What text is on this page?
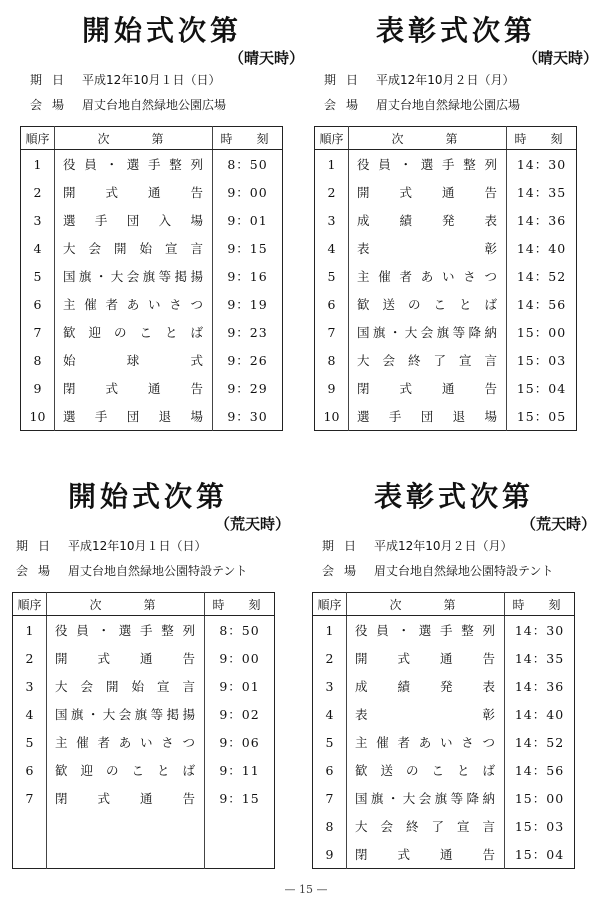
開始式次第
（晴天時）
期日 平成12年10月１日（日）
会場 眉丈台地自然緑地公園広場
順序	次　　第	時　刻
1	役員・選手整列	8：50
2	開式通告	9：00
3	選手団入場	9：01
4	大会開始宣言	9：15
5	国旗・大会旗等掲揚	9：16
6	主催者あいさつ	9：19
7	歓迎のことば	9：23
8	始球式	9：26
9	閉式通告	9：29
10	選手団退場	9：30
表彰式次第
（晴天時）
期日 平成12年10月２日（月）
会場 眉丈台地自然緑地公園広場
順序	次　　第	時　刻
1	役員・選手整列	14：30
2	開式通告	14：35
3	成績発表	14：36
4	表彰	14：40
5	主催者あいさつ	14：52
6	歓送のことば	14：56
7	国旗・大会旗等降納	15：00
8	大会終了宣言	15：03
9	閉式通告	15：04
10	選手団退場	15：05
開始式次第
（荒天時）
期日 平成12年10月１日（日）
会場 眉丈台地自然緑地公園特設テント
順序	次　　第	時　刻
1	役員・選手整列	8：50
2	開式通告	9：00
3	大会開始宣言	9：01
4	国旗・大会旗等掲揚	9：02
5	主催者あいさつ	9：06
6	歓迎のことば	9：11
7	閉式通告	9：15

表彰式次第
（荒天時）
期日 平成12年10月２日（月）
会場 眉丈台地自然緑地公園特設テント
順序	次　　第	時　刻
1	役員・選手整列	14：30
2	開式通告	14：35
3	成績発表	14：36
4	表彰	14：40
5	主催者あいさつ	14：52
6	歓送のことば	14：56
7	国旗・大会旗等降納	15：00
8	大会終了宣言	15：03
9	閉式通告	15：04
— 15 —
